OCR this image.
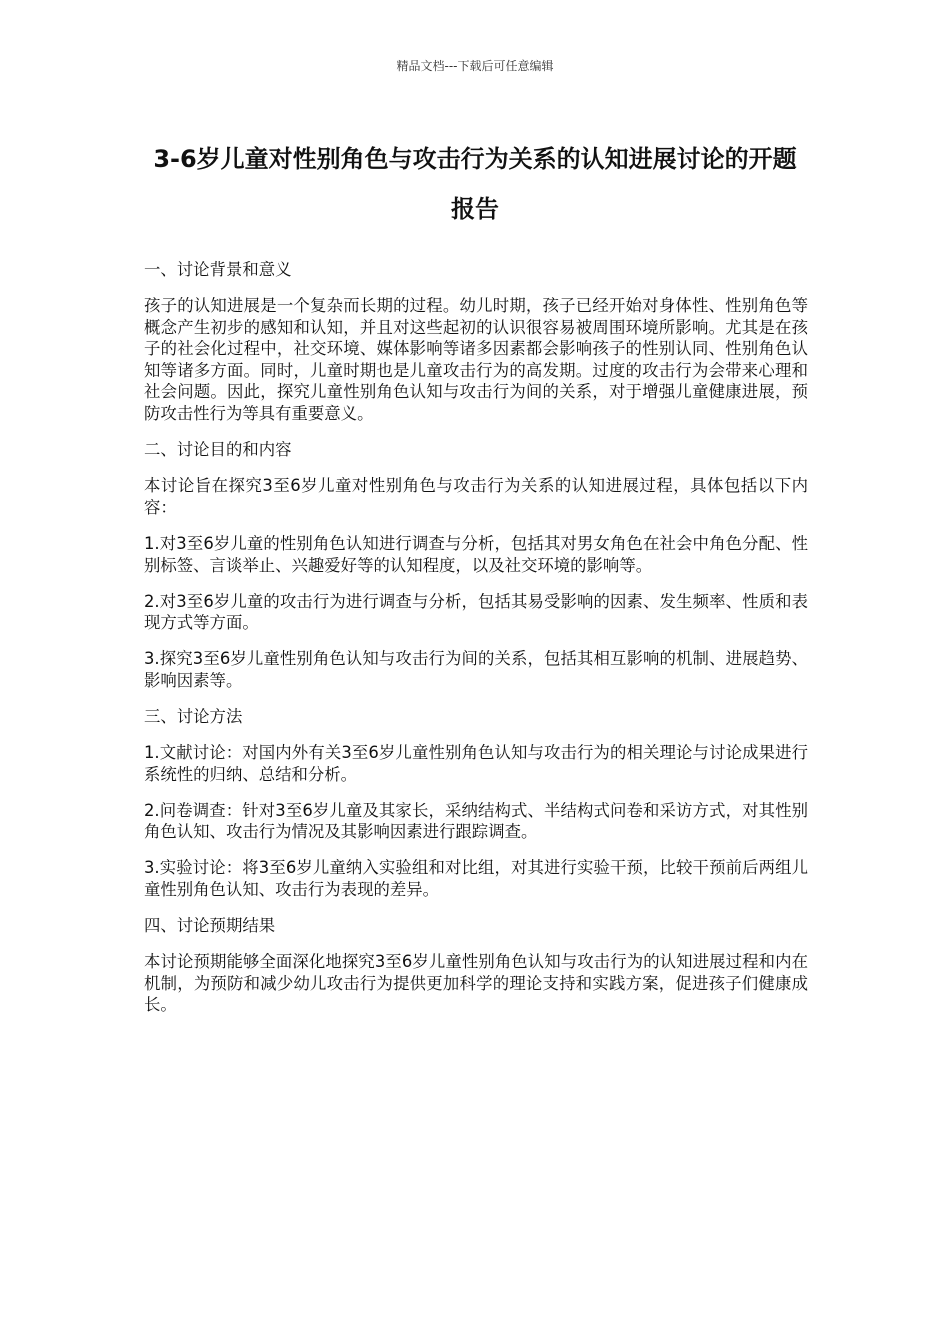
精品文档---下载后可任意编辑
3-6岁儿童对性别角色与攻击行为关系的认知进展讨论的开题报告
一、讨论背景和意义

孩子的认知进展是一个复杂而长期的过程。幼儿时期，孩子已经开始对身体性、性别角色等概念产生初步的感知和认知，并且对这些起初的认识很容易被周围环境所影响。尤其是在孩子的社会化过程中，社交环境、媒体影响等诸多因素都会影响孩子的性别认同、性别角色认知等诸多方面。同时，儿童时期也是儿童攻击行为的高发期。过度的攻击行为会带来心理和社会问题。因此，探究儿童性别角色认知与攻击行为间的关系，对于增强儿童健康进展，预防攻击性行为等具有重要意义。

二、讨论目的和内容

本讨论旨在探究3至6岁儿童对性别角色与攻击行为关系的认知进展过程，具体包括以下内容：

1.对3至6岁儿童的性别角色认知进行调查与分析，包括其对男女角色在社会中角色分配、性别标签、言谈举止、兴趣爱好等的认知程度，以及社交环境的影响等。

2.对3至6岁儿童的攻击行为进行调查与分析，包括其易受影响的因素、发生频率、性质和表现方式等方面。

3.探究3至6岁儿童性别角色认知与攻击行为间的关系，包括其相互影响的机制、进展趋势、影响因素等。

三、讨论方法

1.文献讨论：对国内外有关3至6岁儿童性别角色认知与攻击行为的相关理论与讨论成果进行系统性的归纳、总结和分析。

2.问卷调查：针对3至6岁儿童及其家长，采纳结构式、半结构式问卷和采访方式，对其性别角色认知、攻击行为情况及其影响因素进行跟踪调查。

3.实验讨论：将3至6岁儿童纳入实验组和对比组，对其进行实验干预，比较干预前后两组儿童性别角色认知、攻击行为表现的差异。

四、讨论预期结果

本讨论预期能够全面深化地探究3至6岁儿童性别角色认知与攻击行为的认知进展过程和内在机制，为预防和减少幼儿攻击行为提供更加科学的理论支持和实践方案，促进孩子们健康成长。
